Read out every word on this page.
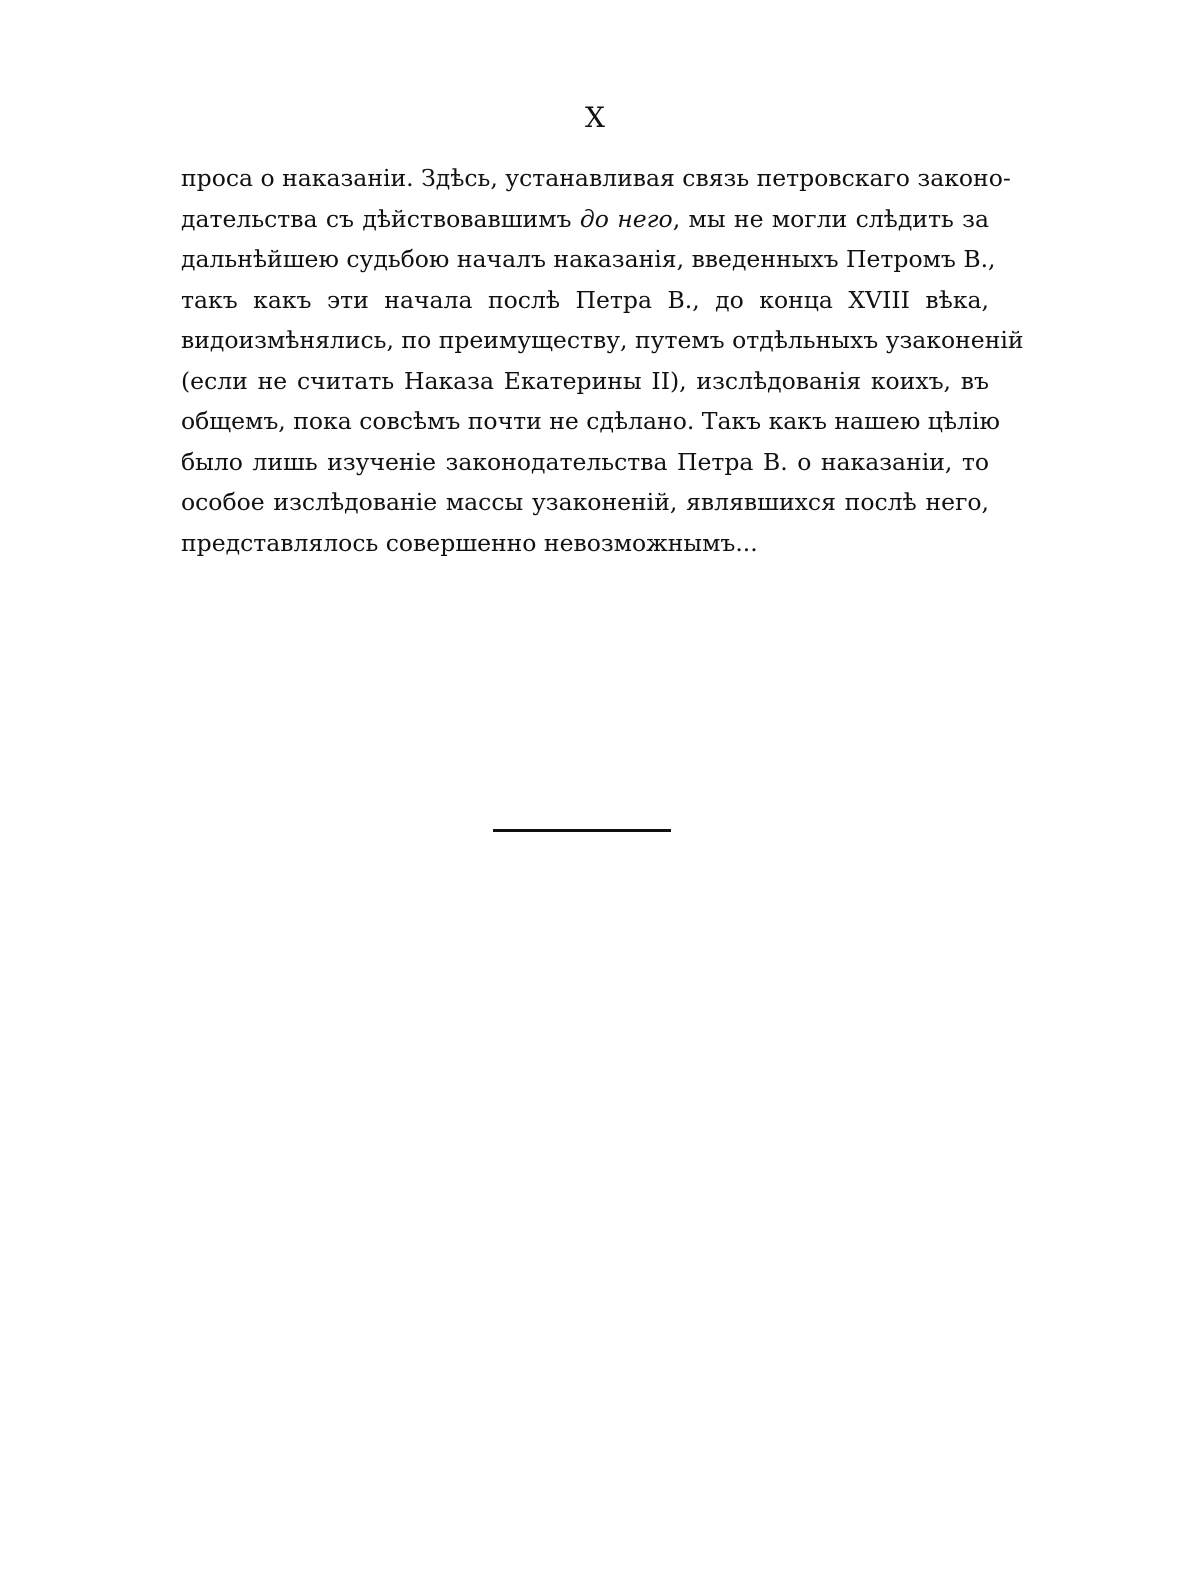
X
проса о наказанiи. Здѣсь, устанавливая связь петровскаго законо-
дательства съ дѣйствовавшимъ до него, мы не могли слѣдить за
дальнѣйшею судьбою началъ наказанія, введенныхъ Петромъ В.,
такъ какъ эти начала послѣ Петра В., до конца XVIII вѣка,
видоизмѣнялись, по преимуществу, путемъ отдѣльныхъ узаконеній
(если не считать Наказа Екатерины II), изслѣдованія коихъ, въ
общемъ, пока совсѣмъ почти не сдѣлано. Такъ какъ нашею цѣлію
было лишь изученіе законодательства Петра В. о наказаніи, то
особое изслѣдованіе массы узаконеній, являвшихся послѣ него,
представлялось совершенно невозможнымъ...
